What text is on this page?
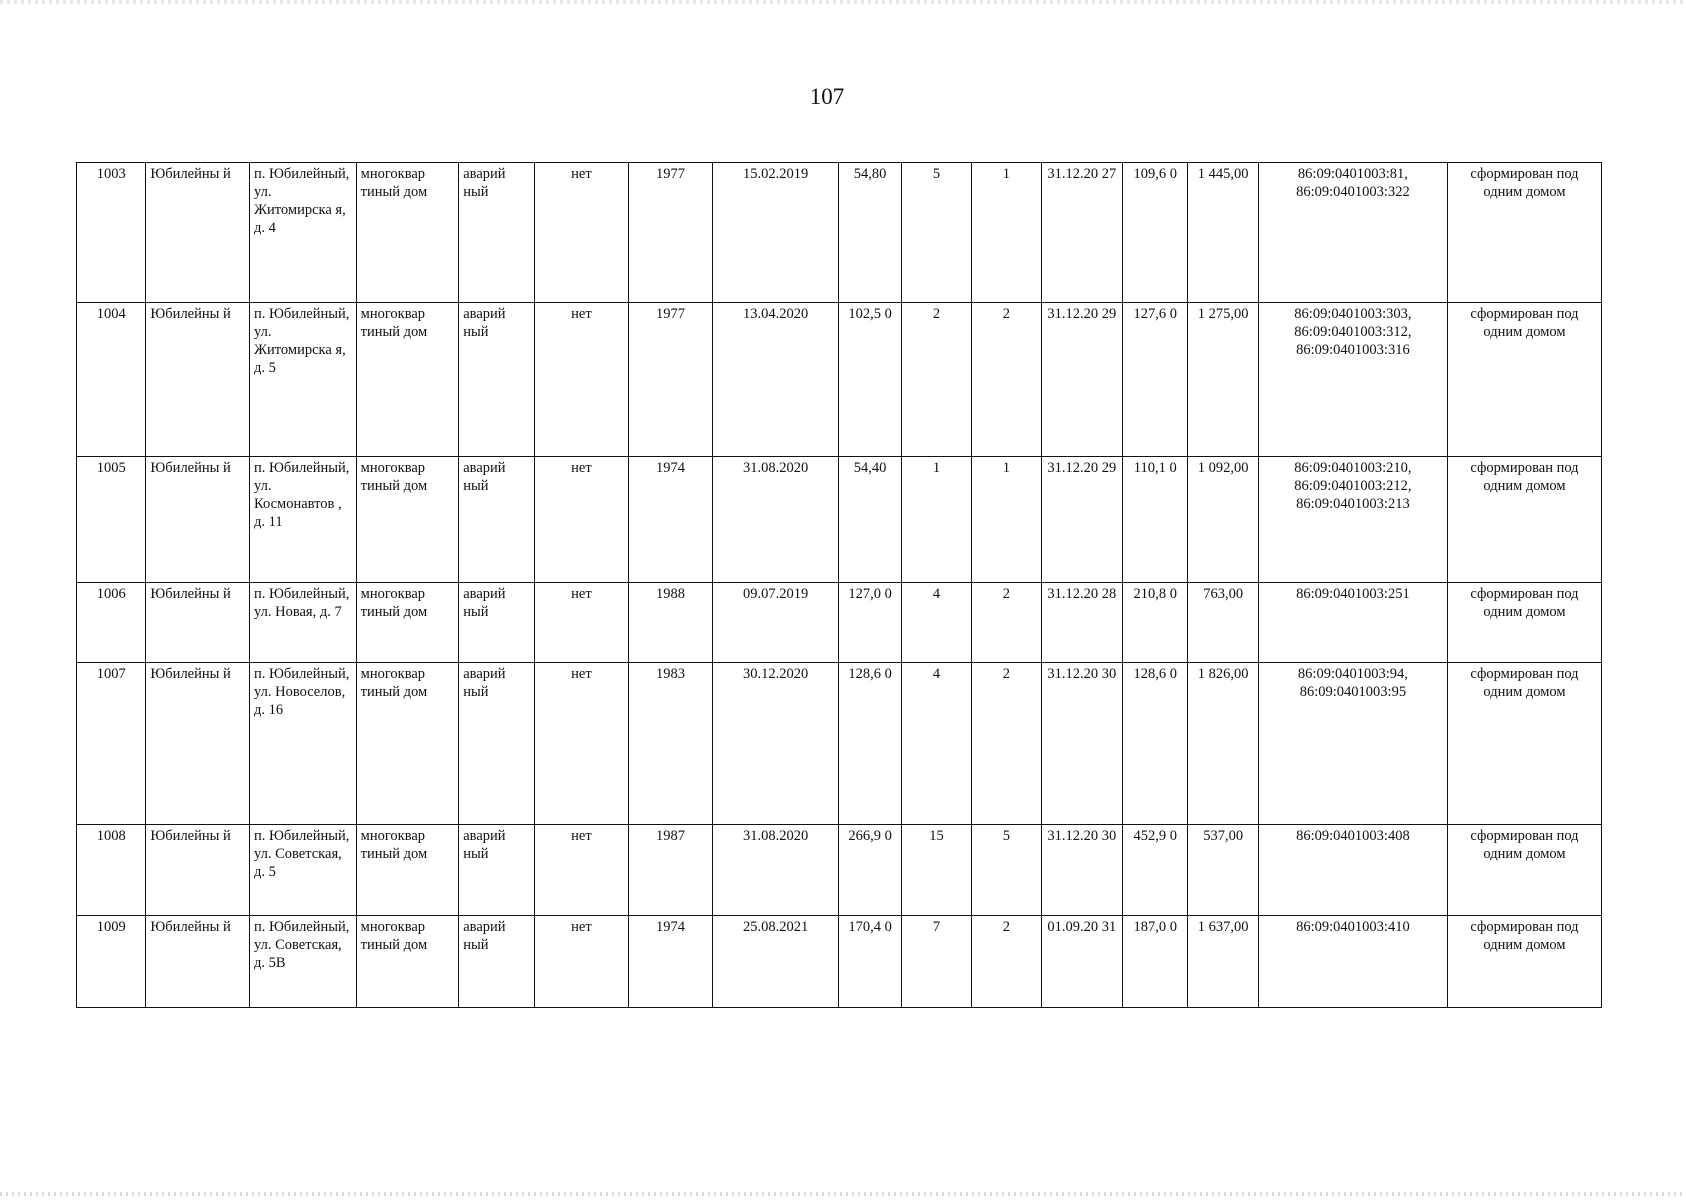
107
1003	Юбилейны й	п. Юбилейный, ул. Житомирска я, д. 4	многоквар тиный дом	аварий ный	нет	1977	15.02.2019	54,80	5	1	31.12.20 27	109,6 0	1 445,00	86:09:0401003:81, 86:09:0401003:322	сформирован под одним домом
1004	Юбилейны й	п. Юбилейный, ул. Житомирска я, д. 5	многоквар тиный дом	аварий ный	нет	1977	13.04.2020	102,5 0	2	2	31.12.20 29	127,6 0	1 275,00	86:09:0401003:303, 86:09:0401003:312, 86:09:0401003:316	сформирован под одним домом
1005	Юбилейны й	п. Юбилейный, ул. Космонавтов , д. 11	многоквар тиный дом	аварий ный	нет	1974	31.08.2020	54,40	1	1	31.12.20 29	110,1 0	1 092,00	86:09:0401003:210, 86:09:0401003:212, 86:09:0401003:213	сформирован под одним домом
1006	Юбилейны й	п. Юбилейный, ул. Новая, д. 7	многоквар тиный дом	аварий ный	нет	1988	09.07.2019	127,0 0	4	2	31.12.20 28	210,8 0	763,00	86:09:0401003:251	сформирован под одним домом
1007	Юбилейны й	п. Юбилейный, ул. Новоселов, д. 16	многоквар тиный дом	аварий ный	нет	1983	30.12.2020	128,6 0	4	2	31.12.20 30	128,6 0	1 826,00	86:09:0401003:94, 86:09:0401003:95	сформирован под одним домом
1008	Юбилейны й	п. Юбилейный, ул. Советская, д. 5	многоквар тиный дом	аварий ный	нет	1987	31.08.2020	266,9 0	15	5	31.12.20 30	452,9 0	537,00	86:09:0401003:408	сформирован под одним домом
1009	Юбилейны й	п. Юбилейный, ул. Советская, д. 5В	многоквар тиный дом	аварий ный	нет	1974	25.08.2021	170,4 0	7	2	01.09.20 31	187,0 0	1 637,00	86:09:0401003:410	сформирован под одним домом
